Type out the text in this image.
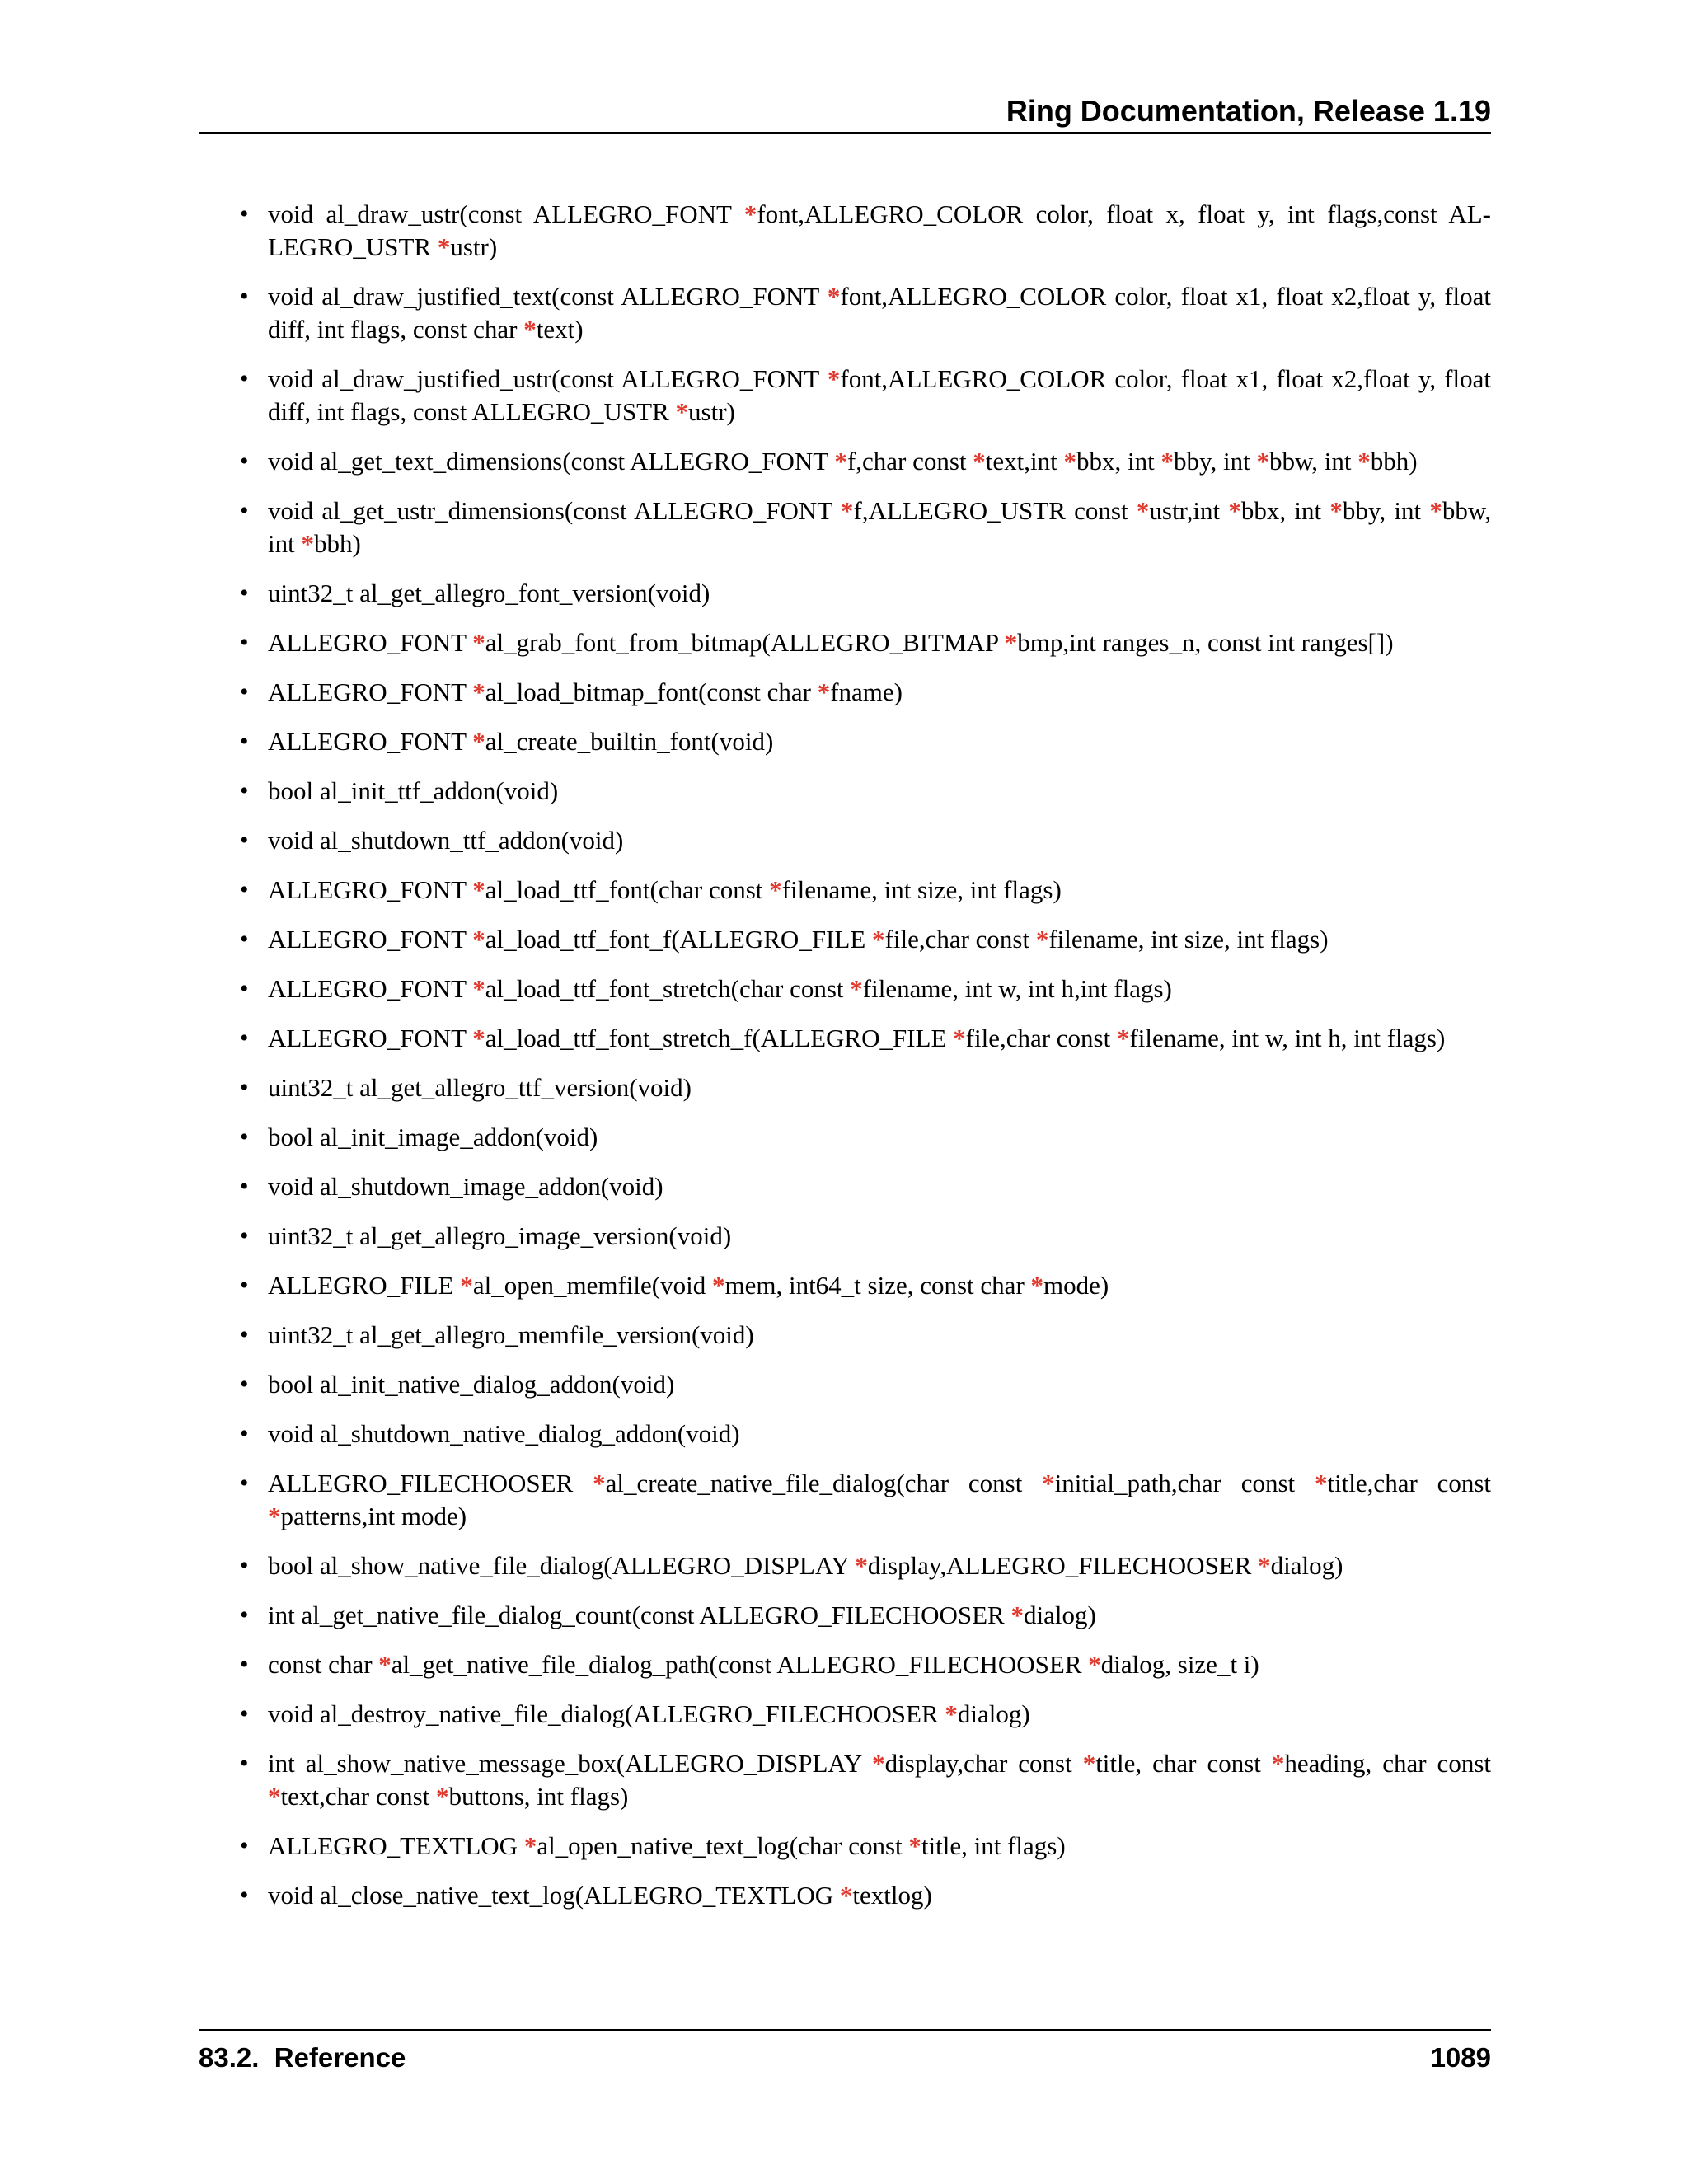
Ring Documentation, Release 1.19
• void al_draw_ustr(const ALLEGRO_FONT *font,ALLEGRO_COLOR color, float x, float y, int flags,const AL-LEGRO_USTR *ustr)
• void al_draw_justified_text(const ALLEGRO_FONT *font,ALLEGRO_COLOR color, float x1, float x2,float y, float diff, int flags, const char *text)
• void al_draw_justified_ustr(const ALLEGRO_FONT *font,ALLEGRO_COLOR color, float x1, float x2,float y, float diff, int flags, const ALLEGRO_USTR *ustr)
• void al_get_text_dimensions(const ALLEGRO_FONT *f,char const *text,int *bbx, int *bby, int *bbw, int *bbh)
• void al_get_ustr_dimensions(const ALLEGRO_FONT *f,ALLEGRO_USTR const *ustr,int *bbx, int *bby, int *bbw, int *bbh)
• uint32_t al_get_allegro_font_version(void)
• ALLEGRO_FONT *al_grab_font_from_bitmap(ALLEGRO_BITMAP *bmp,int ranges_n, const int ranges[])
• ALLEGRO_FONT *al_load_bitmap_font(const char *fname)
• ALLEGRO_FONT *al_create_builtin_font(void)
• bool al_init_ttf_addon(void)
• void al_shutdown_ttf_addon(void)
• ALLEGRO_FONT *al_load_ttf_font(char const *filename, int size, int flags)
• ALLEGRO_FONT *al_load_ttf_font_f(ALLEGRO_FILE *file,char const *filename, int size, int flags)
• ALLEGRO_FONT *al_load_ttf_font_stretch(char const *filename, int w, int h,int flags)
• ALLEGRO_FONT *al_load_ttf_font_stretch_f(ALLEGRO_FILE *file,char const *filename, int w, int h, int flags)
• uint32_t al_get_allegro_ttf_version(void)
• bool al_init_image_addon(void)
• void al_shutdown_image_addon(void)
• uint32_t al_get_allegro_image_version(void)
• ALLEGRO_FILE *al_open_memfile(void *mem, int64_t size, const char *mode)
• uint32_t al_get_allegro_memfile_version(void)
• bool al_init_native_dialog_addon(void)
• void al_shutdown_native_dialog_addon(void)
• ALLEGRO_FILECHOOSER *al_create_native_file_dialog(char const *initial_path,char const *title,char const *patterns,int mode)
• bool al_show_native_file_dialog(ALLEGRO_DISPLAY *display,ALLEGRO_FILECHOOSER *dialog)
• int al_get_native_file_dialog_count(const ALLEGRO_FILECHOOSER *dialog)
• const char *al_get_native_file_dialog_path(const ALLEGRO_FILECHOOSER *dialog, size_t i)
• void al_destroy_native_file_dialog(ALLEGRO_FILECHOOSER *dialog)
• int al_show_native_message_box(ALLEGRO_DISPLAY *display,char const *title, char const *heading, char const *text,char const *buttons, int flags)
• ALLEGRO_TEXTLOG *al_open_native_text_log(char const *title, int flags)
• void al_close_native_text_log(ALLEGRO_TEXTLOG *textlog)
83.2.  Reference	1089
